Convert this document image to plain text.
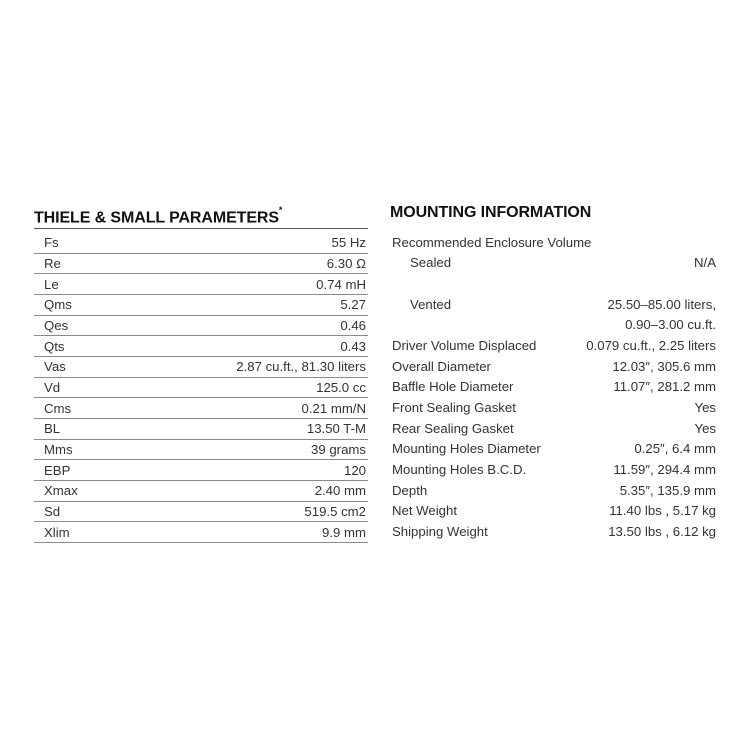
THIELE & SMALL PARAMETERS*
Fs	55 Hz
Re	6.30 Ω
Le	0.74 mH
Qms	5.27
Qes	0.46
Qts	0.43
Vas	2.87 cu.ft., 81.30 liters
Vd	125.0 cc
Cms	0.21 mm/N
BL	13.50 T-M
Mms	39 grams
EBP	120
Xmax	2.40 mm
Sd	519.5 cm2
Xlim	9.9 mm
MOUNTING INFORMATION
Recommended Enclosure Volume
Sealed	N/A
Vented	25.50–85.00 liters,
0.90–3.00 cu.ft.
Driver Volume Displaced	0.079 cu.ft., 2.25 liters
Overall Diameter	12.03″, 305.6 mm
Baffle Hole Diameter	11.07″, 281.2 mm
Front Sealing Gasket	Yes
Rear Sealing Gasket	Yes
Mounting Holes Diameter	0.25″, 6.4 mm
Mounting Holes B.C.D.	11.59″, 294.4 mm
Depth	5.35″, 135.9 mm
Net Weight	11.40 lbs , 5.17 kg
Shipping Weight	13.50 lbs , 6.12 kg
